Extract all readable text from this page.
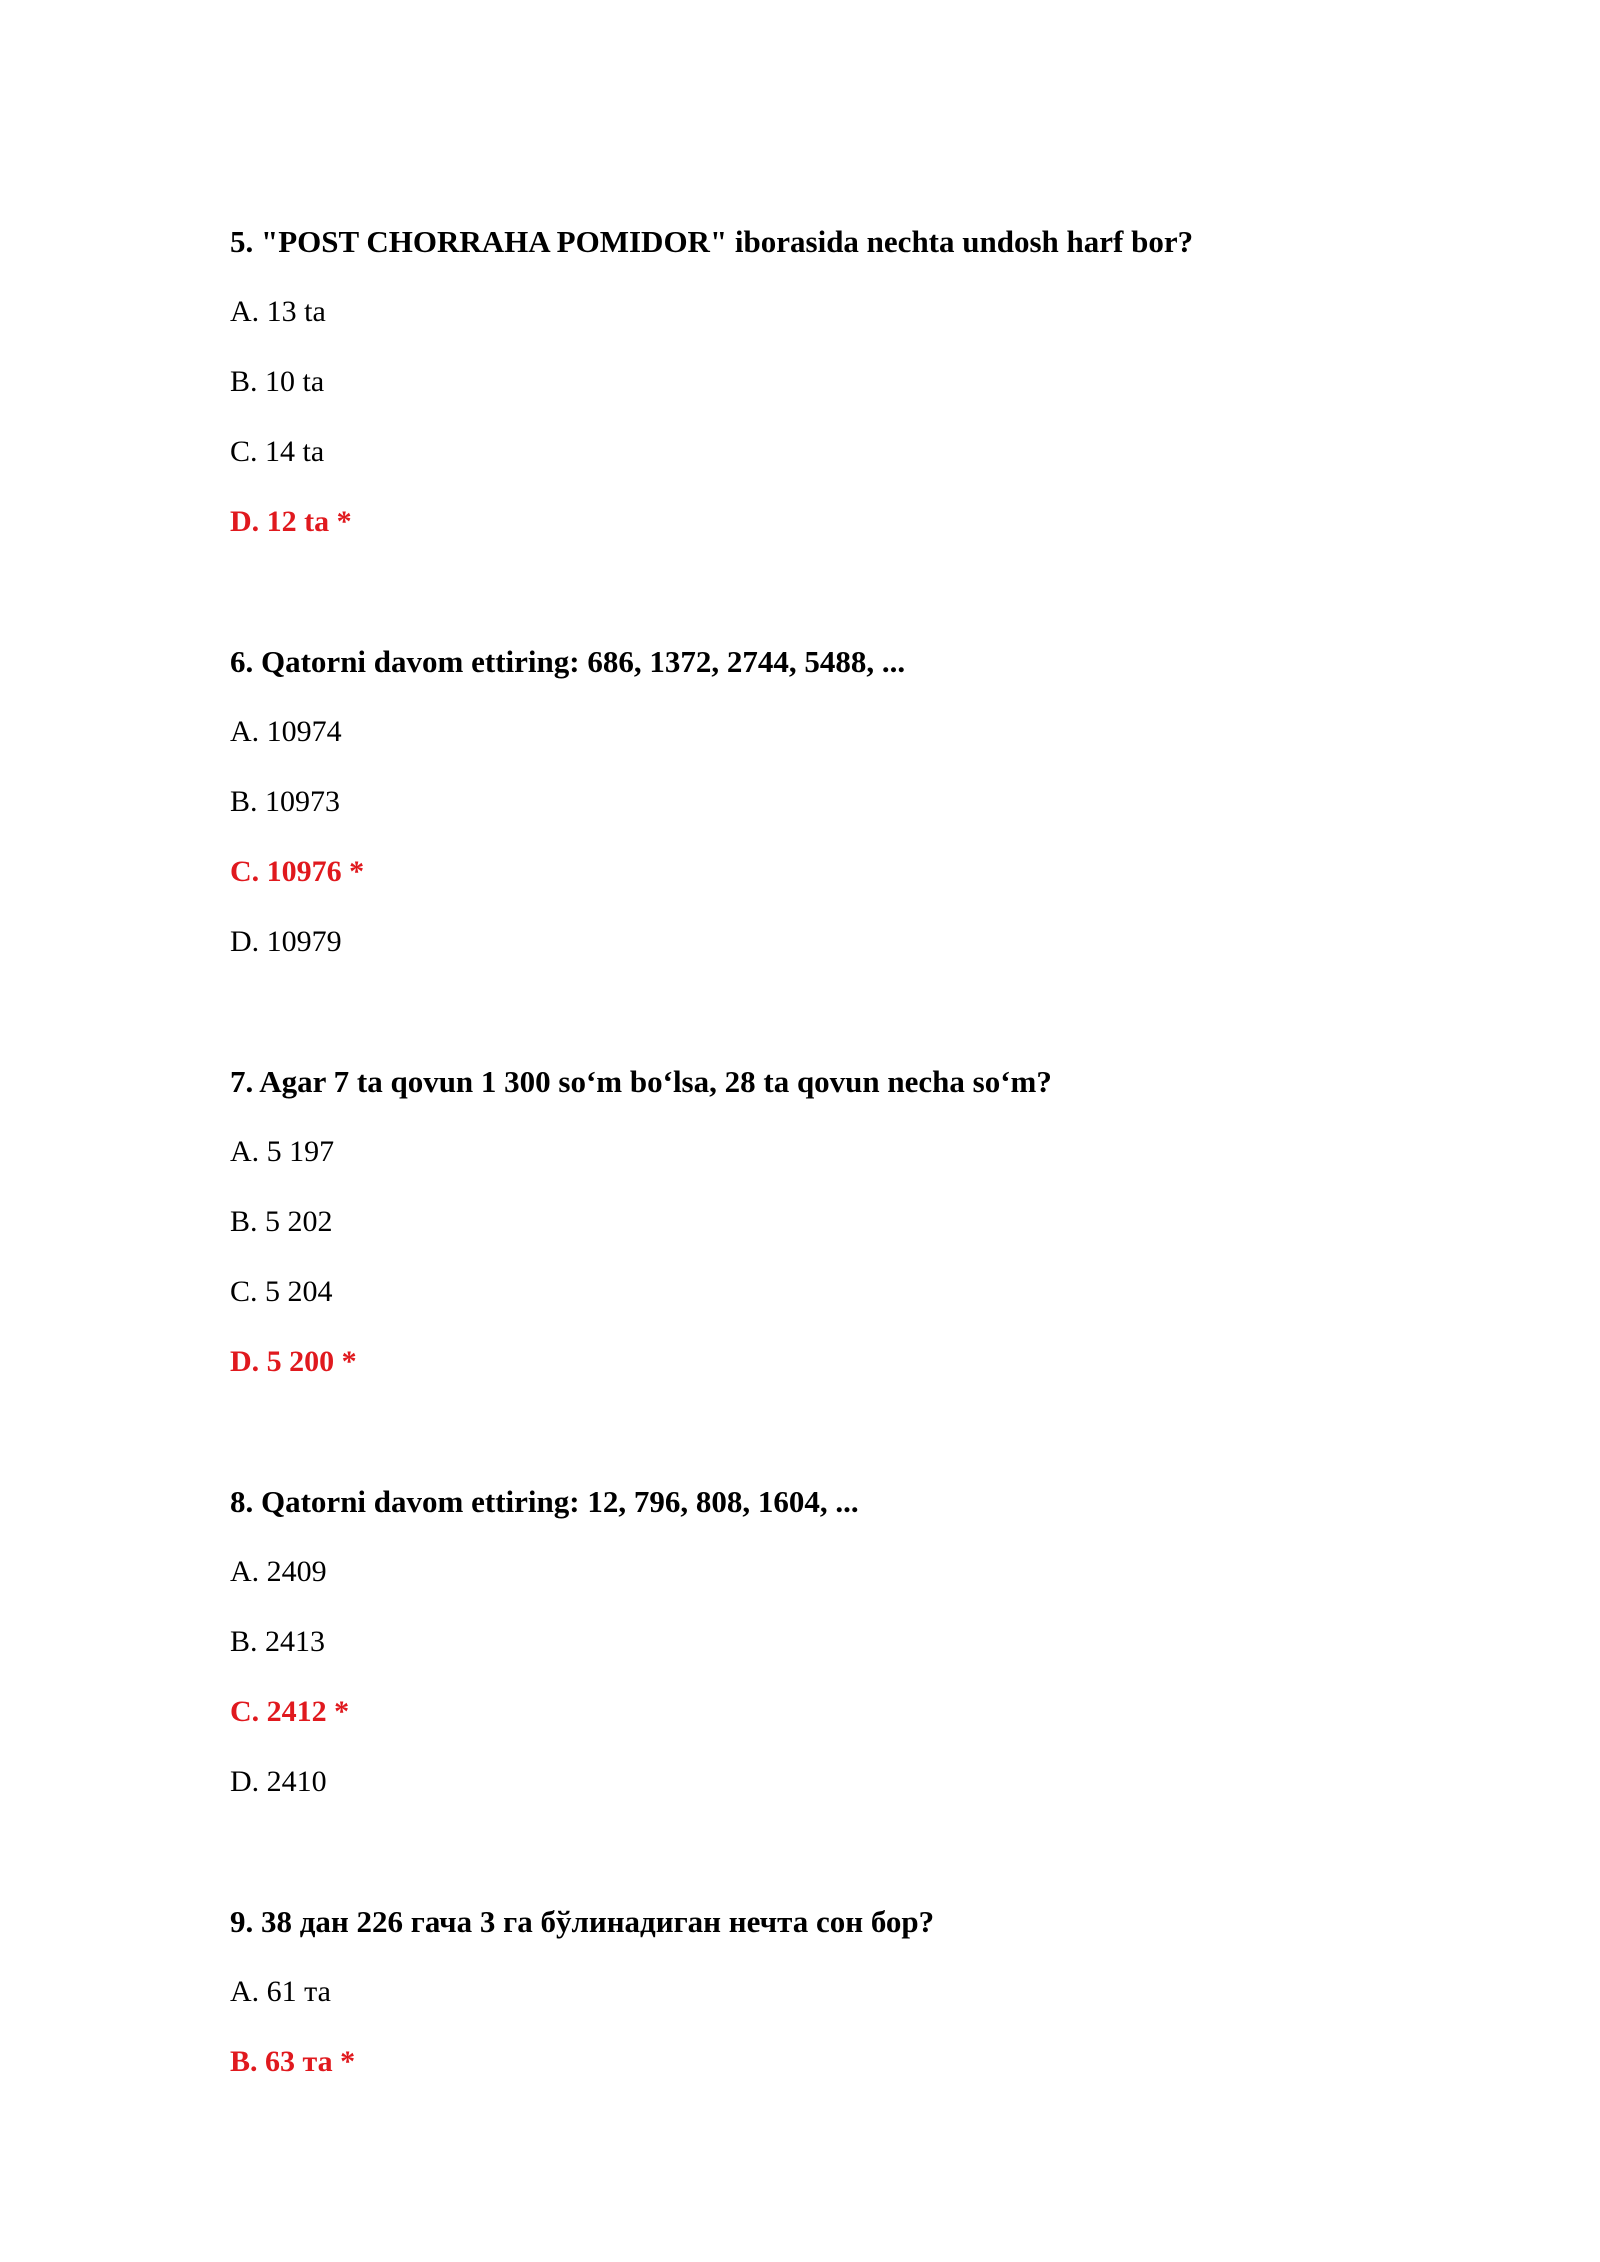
5. "POST CHORRAHA POMIDOR" iborasida nechta undosh harf bor?
A. 13 ta
B. 10 ta
C. 14 ta
D. 12 ta *
6. Qatorni davom ettiring: 686, 1372, 2744, 5488, ...
A. 10974
B. 10973
C. 10976 *
D. 10979
7. Agar 7 ta qovun 1 300 so‘m bo‘lsa, 28 ta qovun necha so‘m?
A. 5 197
B. 5 202
C. 5 204
D. 5 200 *
8. Qatorni davom ettiring: 12, 796, 808, 1604, ...
A. 2409
B. 2413
C. 2412 *
D. 2410
9. 38 дан 226 гача 3 га бўлинадиган нечта сон бор?
A. 61 та
B. 63 та *
